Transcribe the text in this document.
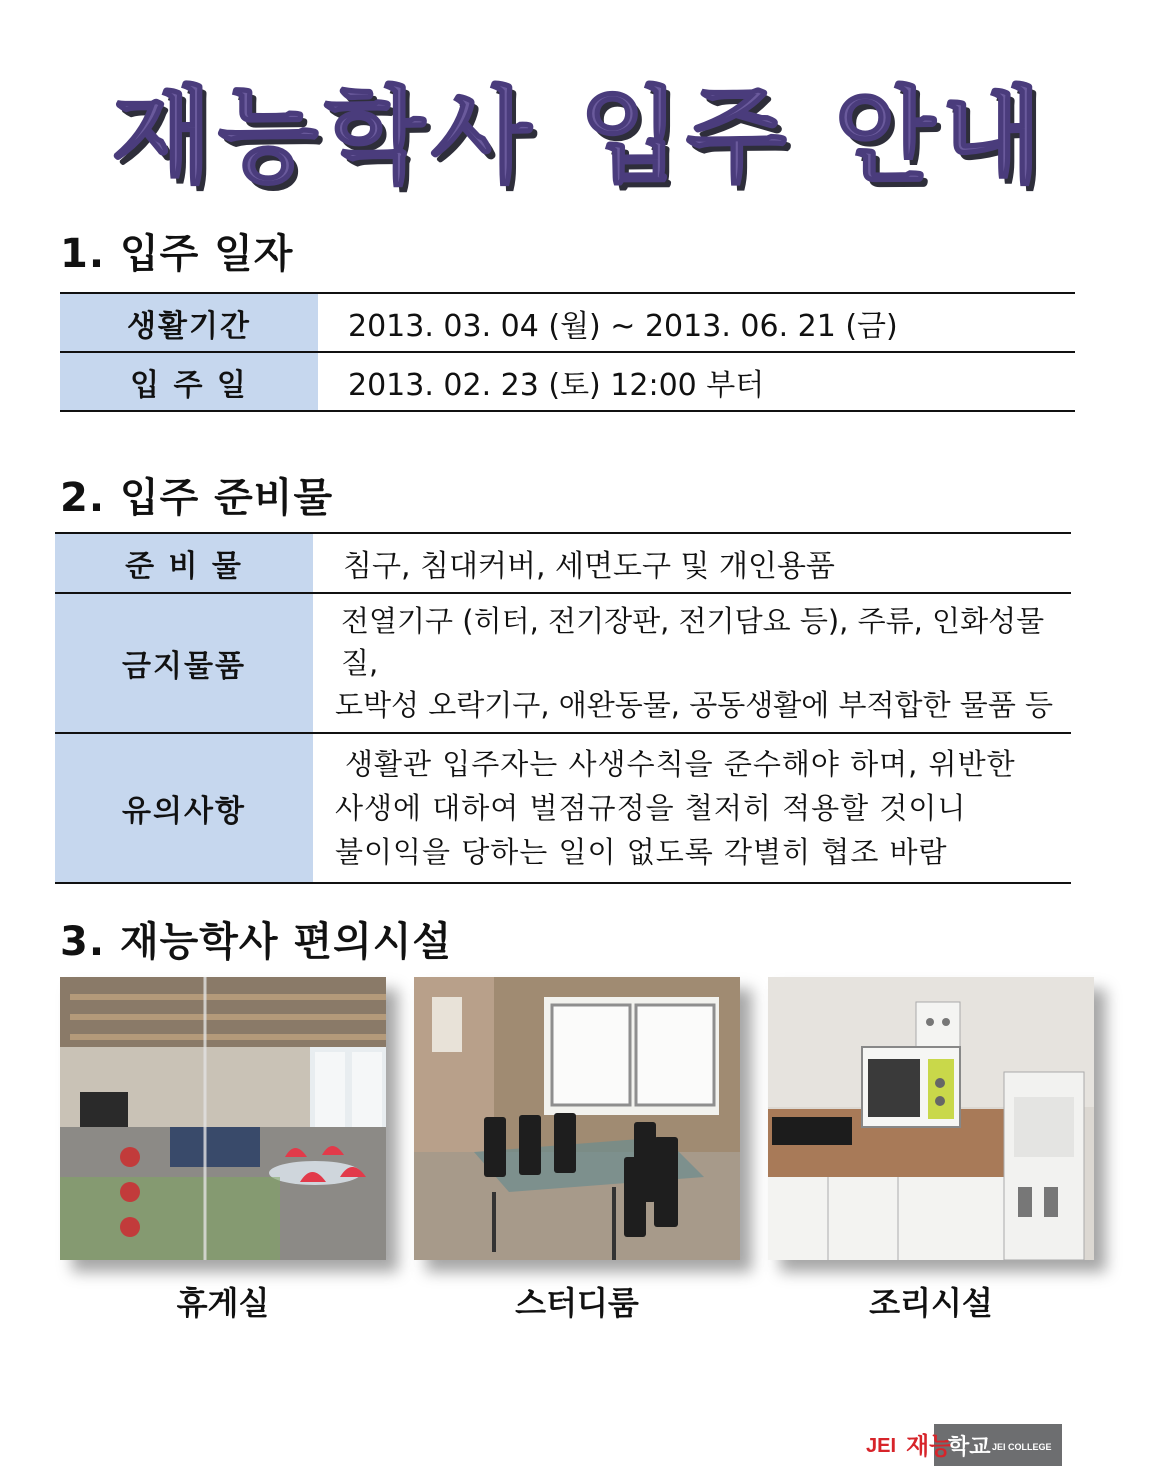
재능학사 입주 안내
1. 입주 일자
생활기간	2013. 03. 04 (월) ~ 2013. 06. 21 (금)
입 주 일	2013. 02. 23 (토) 12:00 부터
2. 입주 준비물
준 비 물	침구, 침대커버, 세면도구 및 개인용품
금지물품	전열기구 (히터, 전기장판, 전기담요 등), 주류, 인화성물질,
도박성 오락기구, 애완동물, 공동생활에 부적합한 물품 등

유의사항	생활관 입주자는 사생수칙을 준수해야 하며, 위반한
사생에 대하여 벌점규정을 철저히 적용할 것이니
불이익을 당하는 일이 없도록 각별히 협조 바람
3. 재능학사 편의시설
휴게실	스터디룸	조리시설
JEI 재능
학교 JEI COLLEGE
